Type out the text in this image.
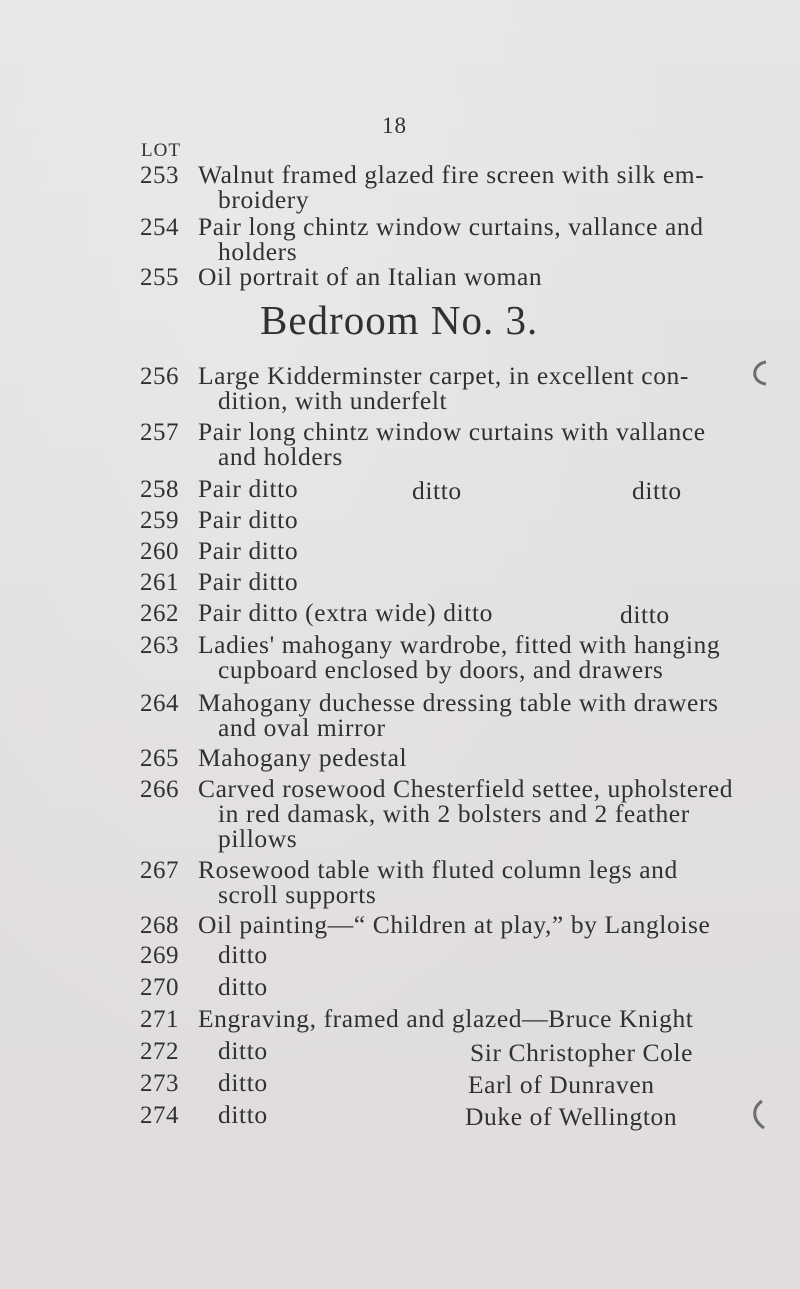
18
LOT
253 Walnut framed glazed fire screen with silk em-
broidery
254 Pair long chintz window curtains, vallance and
holders
255 Oil portrait of an Italian woman
Bedroom No. 3.
256 Large Kidderminster carpet, in excellent con-
dition, with underfelt
257 Pair long chintz window curtains with vallance
and holders
258 Pair ditto	ditto	ditto
259 Pair ditto
260 Pair ditto
261 Pair ditto
262 Pair ditto (extra wide) ditto	ditto
263 Ladies' mahogany wardrobe, fitted with hanging
cupboard enclosed by doors, and drawers
264 Mahogany duchesse dressing table with drawers
and oval mirror
265 Mahogany pedestal
266 Carved rosewood Chesterfield settee, upholstered
in red damask, with 2 bolsters and 2 feather
pillows
267 Rosewood table with fluted column legs and
scroll supports
268 Oil painting—“ Children at play,” by Langloise
269	ditto
270	ditto
271 Engraving, framed and glazed—Bruce Knight
272	ditto	Sir Christopher Cole
273	ditto	Earl of Dunraven
274	ditto	Duke of Wellington
